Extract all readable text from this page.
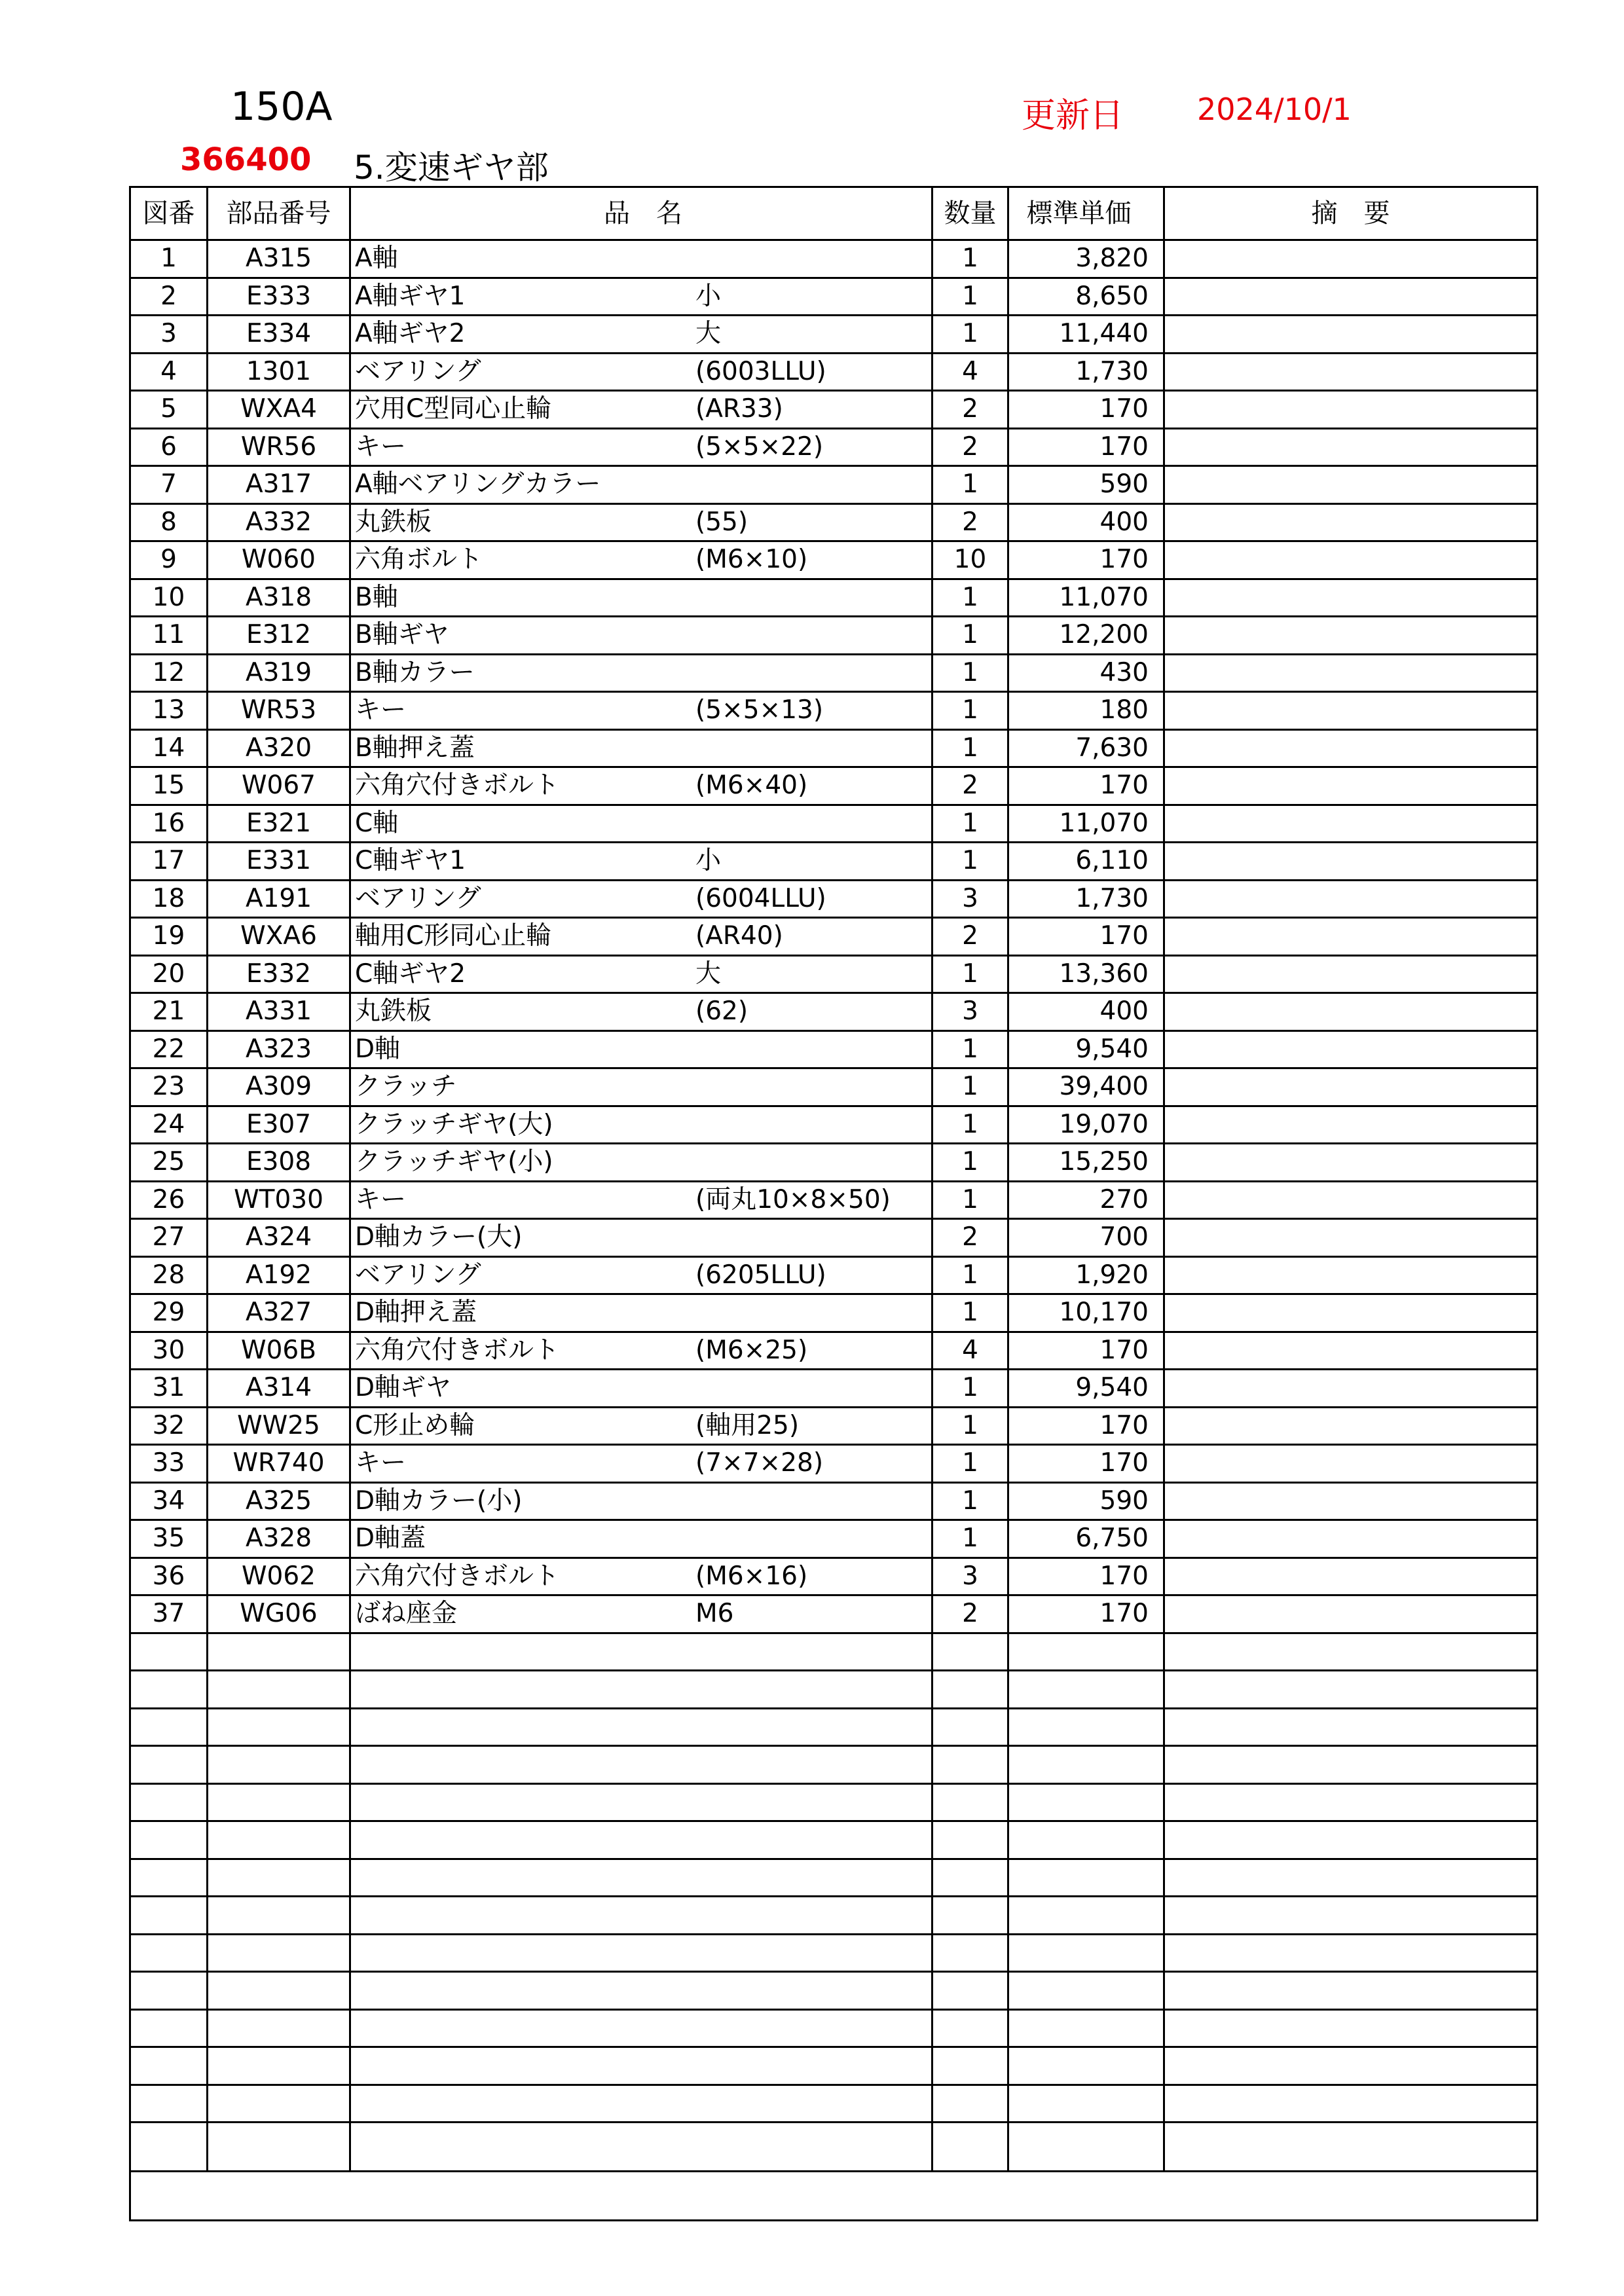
150A	更新日 2024/10/1
366400 5.変速ギヤ部
図番	部品番号	品　名	数量	標準単価	摘　要
1	A315	A軸	1	3,820	
2	E333	A軸ギヤ1 小	1	8,650	
3	E334	A軸ギヤ2 大	1	11,440	
4	1301	ベアリング (6003LLU)	4	1,730	
5	WXA4	穴用C型同心止輪 (AR33)	2	170	
6	WR56	キー (5×5×22)	2	170	
7	A317	A軸ベアリングカラー	1	590	
8	A332	丸鉄板 (55)	2	400	
9	W060	六角ボルト (M6×10)	10	170	
10	A318	B軸	1	11,070	
11	E312	B軸ギヤ	1	12,200	
12	A319	B軸カラー	1	430	
13	WR53	キー (5×5×13)	1	180	
14	A320	B軸押え蓋	1	7,630	
15	W067	六角穴付きボルト (M6×40)	2	170	
16	E321	C軸	1	11,070	
17	E331	C軸ギヤ1 小	1	6,110	
18	A191	ベアリング (6004LLU)	3	1,730	
19	WXA6	軸用C形同心止輪 (AR40)	2	170	
20	E332	C軸ギヤ2 大	1	13,360	
21	A331	丸鉄板 (62)	3	400	
22	A323	D軸	1	9,540	
23	A309	クラッチ	1	39,400	
24	E307	クラッチギヤ(大)	1	19,070	
25	E308	クラッチギヤ(小)	1	15,250	
26	WT030	キー (両丸10×8×50)	1	270	
27	A324	D軸カラー(大)	2	700	
28	A192	ベアリング (6205LLU)	1	1,920	
29	A327	D軸押え蓋	1	10,170	
30	W06B	六角穴付きボルト (M6×25)	4	170	
31	A314	D軸ギヤ	1	9,540	
32	WW25	C形止め輪 (軸用25)	1	170	
33	WR740	キー (7×7×28)	1	170	
34	A325	D軸カラー(小)	1	590	
35	A328	D軸蓋	1	6,750	
36	W062	六角穴付きボルト (M6×16)	3	170	
37	WG06	ばね座金 M6	2	170	
